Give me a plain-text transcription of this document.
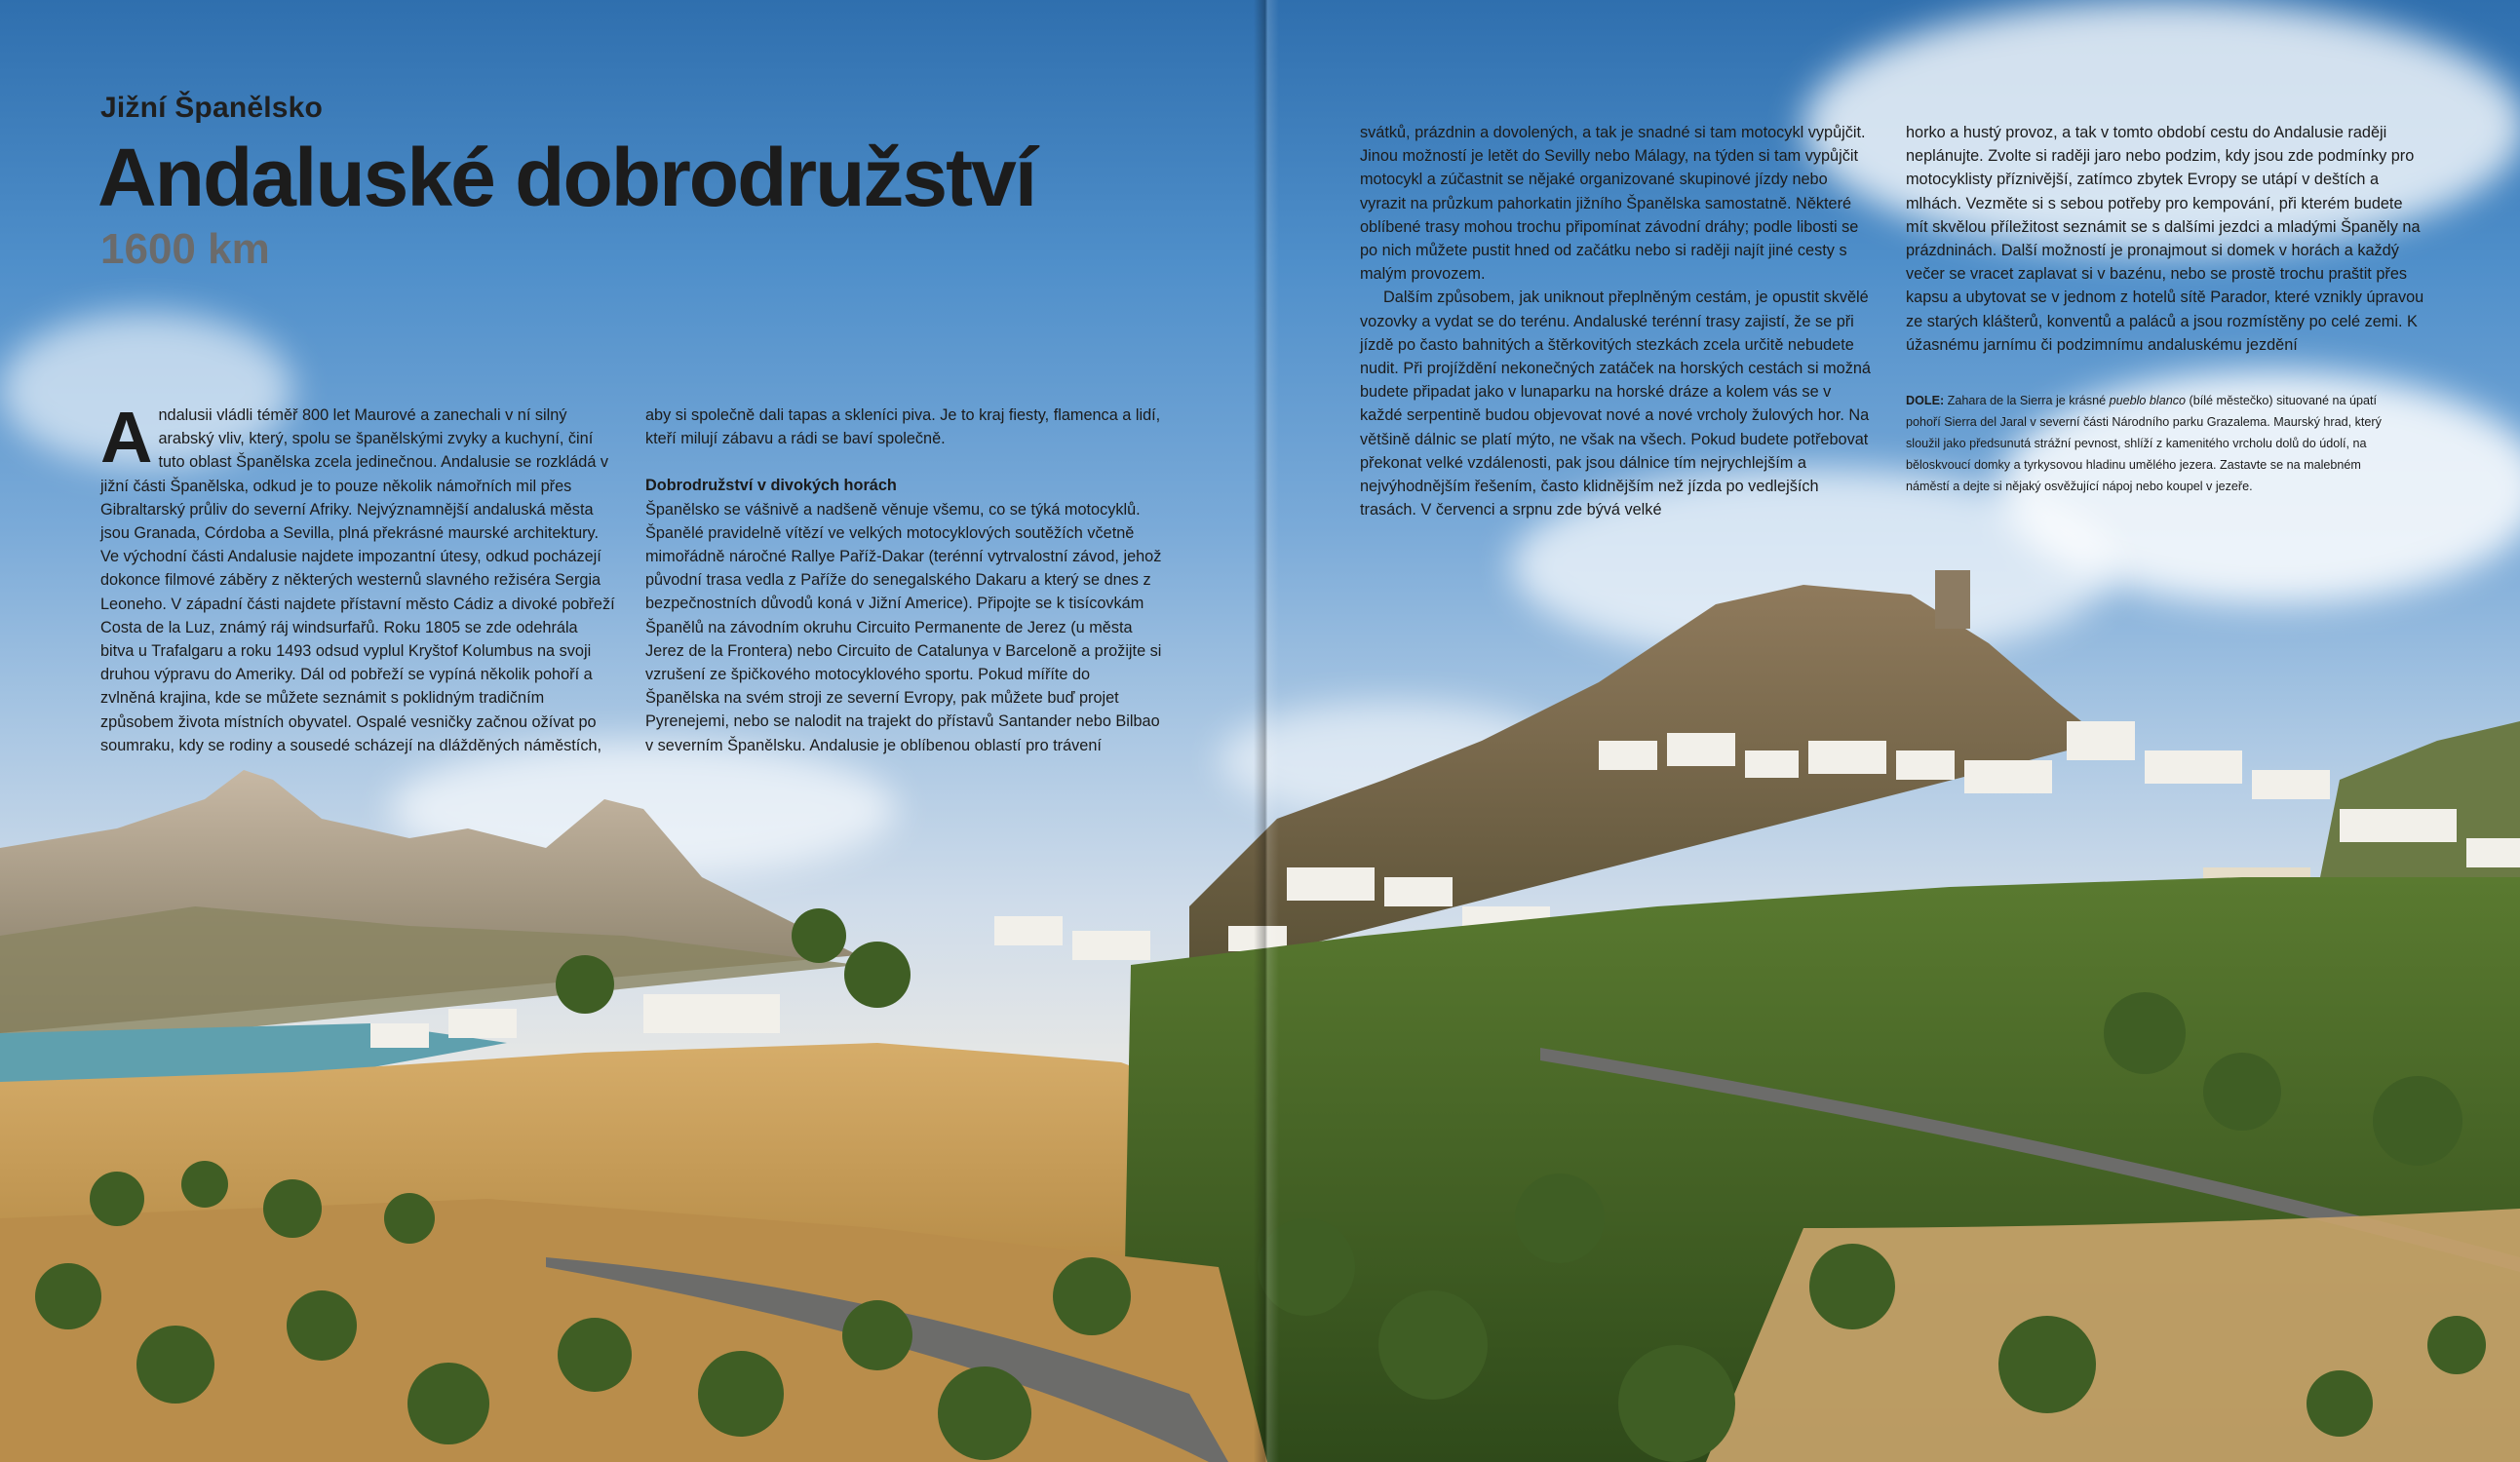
Jižní Španělsko
Andaluské dobrodružství
1600 km

Andalusii vládli téměř 800 let Maurové a zanechali v ní silný arabský vliv, který, spolu se španělskými zvyky a kuchyní, činí tuto oblast Španělska zcela jedinečnou. Andalusie se rozkládá v jižní části Španělska, odkud je to pouze několik námořních mil přes Gibraltarský průliv do severní Afriky. Nejvýznamnější andaluská města jsou Granada, Córdoba a Sevilla, plná překrásné maurské architektury. Ve východní části Andalusie najdete impozantní útesy, odkud pocházejí dokonce filmové záběry z některých westernů slavného režiséra Sergia Leoneho. V západní části najdete přístavní město Cádiz a divoké pobřeží Costa de la Luz, známý ráj windsurfařů. Roku 1805 se zde odehrála bitva u Trafalgaru a roku 1493 odsud vyplul Kryštof Kolumbus na svoji druhou výpravu do Ameriky. Dál od pobřeží se vypíná několik pohoří a zvlněná krajina, kde se můžete seznámit s poklidným tradičním způsobem života místních obyvatel. Ospalé vesničky začnou ožívat po soumraku, kdy se rodiny a sousedé scházejí na dlážděných náměstích,

aby si společně dali tapas a skleníci piva. Je to kraj fiesty, flamenca a lidí, kteří milují zábavu a rádi se baví společně.

Dobrodružství v divokých horách

Španělsko se vášnivě a nadšeně věnuje všemu, co se týká motocyklů. Španělé pravidelně vítězí ve velkých motocyklových soutěžích včetně mimořádně náročné Rallye Paříž-Dakar (terénní vytrvalostní závod, jehož původní trasa vedla z Paříže do senegalského Dakaru a který se dnes z bezpečnostních důvodů koná v Jižní Americe). Připojte se k tisícovkám Španělů na závodním okruhu Circuito Permanente de Jerez (u města Jerez de la Frontera) nebo Circuito de Catalunya v Barceloně a prožijte si vzrušení ze špičkového motocyklového sportu. Pokud míříte do Španělska na svém stroji ze severní Evropy, pak můžete buď projet Pyrenejemi, nebo se nalodit na trajekt do přístavů Santander nebo Bilbao v severním Španělsku. Andalusie je oblíbenou oblastí pro trávení

svátků, prázdnin a dovolených, a tak je snadné si tam motocykl vypůjčit. Jinou možností je letět do Sevilly nebo Málagy, na týden si tam vypůjčit motocykl a zúčastnit se nějaké organizované skupinové jízdy nebo vyrazit na průzkum pahorkatin jižního Španělska samostatně. Některé oblíbené trasy mohou trochu připomínat závodní dráhy; podle libosti se po nich můžete pustit hned od začátku nebo si raději najít jiné cesty s malým provozem.

Dalším způsobem, jak uniknout přeplněným cestám, je opustit skvělé vozovky a vydat se do terénu. Andaluské terénní trasy zajistí, že se při jízdě po často bahnitých a štěrkovitých stezkách zcela určitě nebudete nudit. Při projíždění nekonečných zatáček na horských cestách si možná budete připadat jako v lunaparku na horské dráze a kolem vás se v každé serpentině budou objevovat nové a nové vrcholy žulových hor. Na většině dálnic se platí mýto, ne však na všech. Pokud budete potřebovat překonat velké vzdálenosti, pak jsou dálnice tím nejrychlejším a nejvýhodnějším řešením, často klidnějším než jízda po vedlejších trasách. V červenci a srpnu zde bývá velké

horko a hustý provoz, a tak v tomto období cestu do Andalusie raději neplánujte. Zvolte si raději jaro nebo podzim, kdy jsou zde podmínky pro motocyklisty příznivější, zatímco zbytek Evropy se utápí v deštích a mlhách. Vezměte si s sebou potřeby pro kempování, při kterém budete mít skvělou příležitost seznámit se s dalšími jezdci a mladými Španěly na prázdninách. Další možností je pronajmout si domek v horách a každý večer se vracet zaplavat si v bazénu, nebo se prostě trochu praštit přes kapsu a ubytovat se v jednom z hotelů sítě Parador, které vznikly úpravou ze starých klášterů, konventů a paláců a jsou rozmístěny po celé zemi. K úžasnému jarnímu či podzimnímu andaluskému jezdění

DOLE: Zahara de la Sierra je krásné pueblo blanco (bílé městečko) situované na úpatí pohoří Sierra del Jaral v severní části Národního parku Grazalema. Maurský hrad, který sloužil jako předsunutá strážní pevnost, shlíží z kamenitého vrcholu dolů do údolí, na běloskvoucí domky a tyrkysovou hladinu umělého jezera. Zastavte se na malebném náměstí a dejte si nějaký osvěžující nápoj nebo koupel v jezeře.
